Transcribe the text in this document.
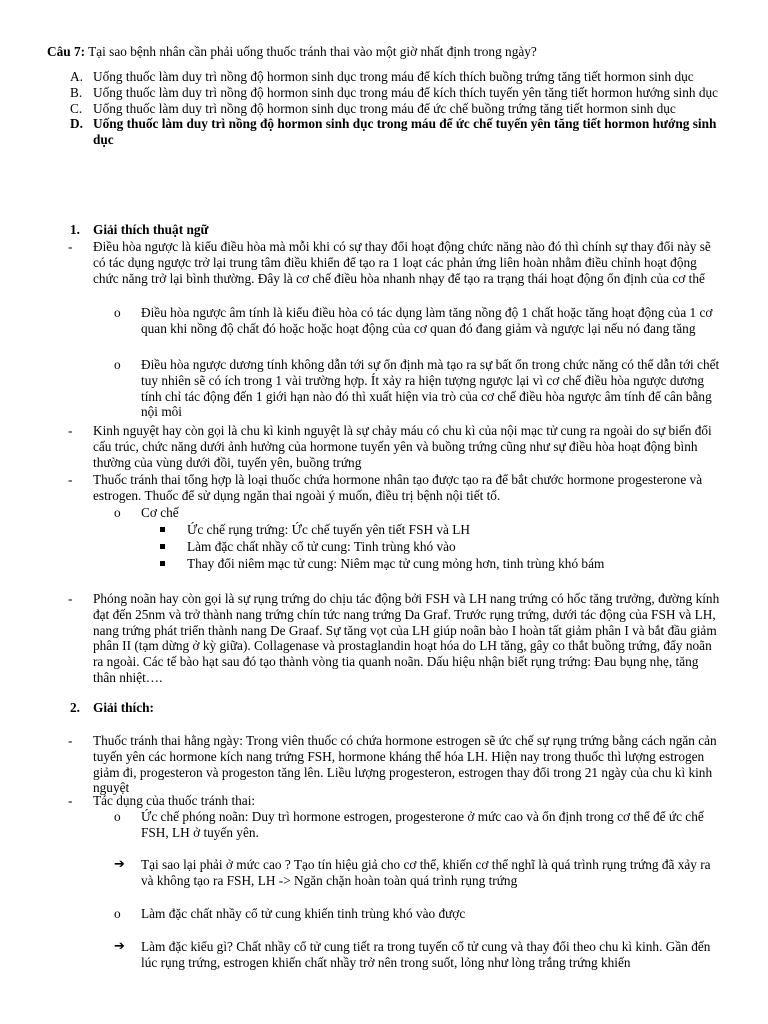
Câu 7: Tại sao bệnh nhân cần phải uống thuốc tránh thai vào một giờ nhất định trong ngày?

A. Uống thuốc làm duy trì nồng độ hormon sinh dục trong máu để kích thích buồng trứng tăng tiết hormon sinh dục
B. Uống thuốc làm duy trì nồng độ hormon sinh dục trong máu để kích thích tuyến yên tăng tiết hormon hướng sinh dục
C. Uống thuốc làm duy trì nồng độ hormon sinh dục trong máu để ức chế buồng trứng tăng tiết hormon sinh dục
D. Uống thuốc làm duy trì nồng độ hormon sinh dục trong máu để ức chế tuyến yên tăng tiết hormon hướng sinh dục
1. Giải thích thuật ngữ
- Điều hòa ngược là kiểu điều hòa mà mỗi khi có sự thay đổi hoạt động chức năng nào đó thì chính sự thay đổi này sẽ có tác dụng ngược trở lại trung tâm điều khiển để tạo ra 1 loạt các phản ứng liên hoàn nhằm điều chỉnh hoạt động chức năng trở lại bình thường. Đây là cơ chế điều hòa nhanh nhạy để tạo ra trạng thái hoạt động ổn định của cơ thể
o Điều hòa ngược âm tính là kiểu điều hòa có tác dụng làm tăng nồng độ 1 chất hoặc tăng hoạt động của 1 cơ quan khi nồng độ chất đó hoặc hoặc hoạt động của cơ quan đó đang giảm và ngược lại nếu nó đang tăng
o Điều hòa ngược dương tính không dẫn tới sự ổn định mà tạo ra sự bất ổn trong chức năng có thể dẫn tới chết tuy nhiên sẽ có ích trong 1 vài trường hợp. Ít xảy ra hiện tượng ngược lại vì cơ chế điều hòa ngược dương tính chỉ tác động đến 1 giới hạn nào đó thì xuất hiện via trò của cơ chế điều hòa ngược âm tính để cân bằng nội môi
- Kinh nguyệt hay còn gọi là chu kì kinh nguyệt là sự chảy máu có chu kì của nội mạc tử cung ra ngoài do sự biến đổi cấu trúc, chức năng dưới ảnh hưởng của hormone tuyến yên và buồng trứng cũng như sự điều hòa hoạt động bình thường của vùng dưới đồi, tuyến yên, buồng trứng
- Thuốc tránh thai tổng hợp là loại thuốc chứa hormone nhân tạo được tạo ra để bắt chước hormone progesterone và estrogen. Thuốc để sử dụng ngăn thai ngoài ý muốn, điều trị bệnh nội tiết tố.
o Cơ chế
Ức chế rụng trứng: Ức chế tuyến yên tiết FSH và LH
Làm đặc chất nhầy cổ tử cung: Tinh trùng khó vào
Thay đổi niêm mạc tử cung: Niêm mạc tử cung mỏng hơn, tinh trùng khó bám
- Phóng noãn hay còn gọi là sự rụng trứng do chịu tác động bởi FSH và LH nang trứng có hốc tăng trưởng, đường kính đạt đến 25nm và trở thành nang trứng chín tức nang trứng Da Graf. Trước rụng trứng, dưới tác động của FSH và LH, nang trứng phát triển thành nang De Graaf. Sự tăng vọt của LH giúp noãn bào I hoàn tất giảm phân I và bắt đầu giảm phân II (tạm dừng ở kỳ giữa). Collagenase và prostaglandin hoạt hóa do LH tăng, gây co thắt buồng trứng, đẩy noãn ra ngoài. Các tế bào hạt sau đó tạo thành vòng tia quanh noãn. Dấu hiệu nhận biết rụng trứng: Đau bụng nhẹ, tăng thân nhiệt….
2. Giải thích:
- Thuốc tránh thai hằng ngày: Trong viên thuốc có chứa hormone estrogen sẽ ức chế sự rụng trứng bằng cách ngăn cản tuyến yên các hormone kích nang trứng FSH, hormone kháng thể hóa LH. Hiện nay trong thuốc thì lượng estrogen giảm đi, progesteron và progeston tăng lên. Liều lượng progesteron, estrogen thay đổi trong 21 ngày của chu kì kinh nguyệt
- Tác dụng của thuốc tránh thai:
o Ức chế phóng noãn: Duy trì hormone estrogen, progesterone ở mức cao và ổn định trong cơ thể để ức chế FSH, LH ở tuyến yên.
➔ Tại sao lại phải ở mức cao ? Tạo tín hiệu giả cho cơ thể, khiến cơ thể nghĩ là quá trình rụng trứng đã xảy ra và không tạo ra FSH, LH -> Ngăn chặn hoàn toàn quá trình rụng trứng
o Làm đặc chất nhầy cổ tử cung khiến tinh trùng khó vào được
➔ Làm đặc kiểu gì? Chất nhầy cổ tử cung tiết ra trong tuyến cổ tử cung và thay đổi theo chu kì kinh. Gần đến lúc rụng trứng, estrogen khiến chất nhầy trở nên trong suốt, lỏng như lòng trắng trứng khiến
